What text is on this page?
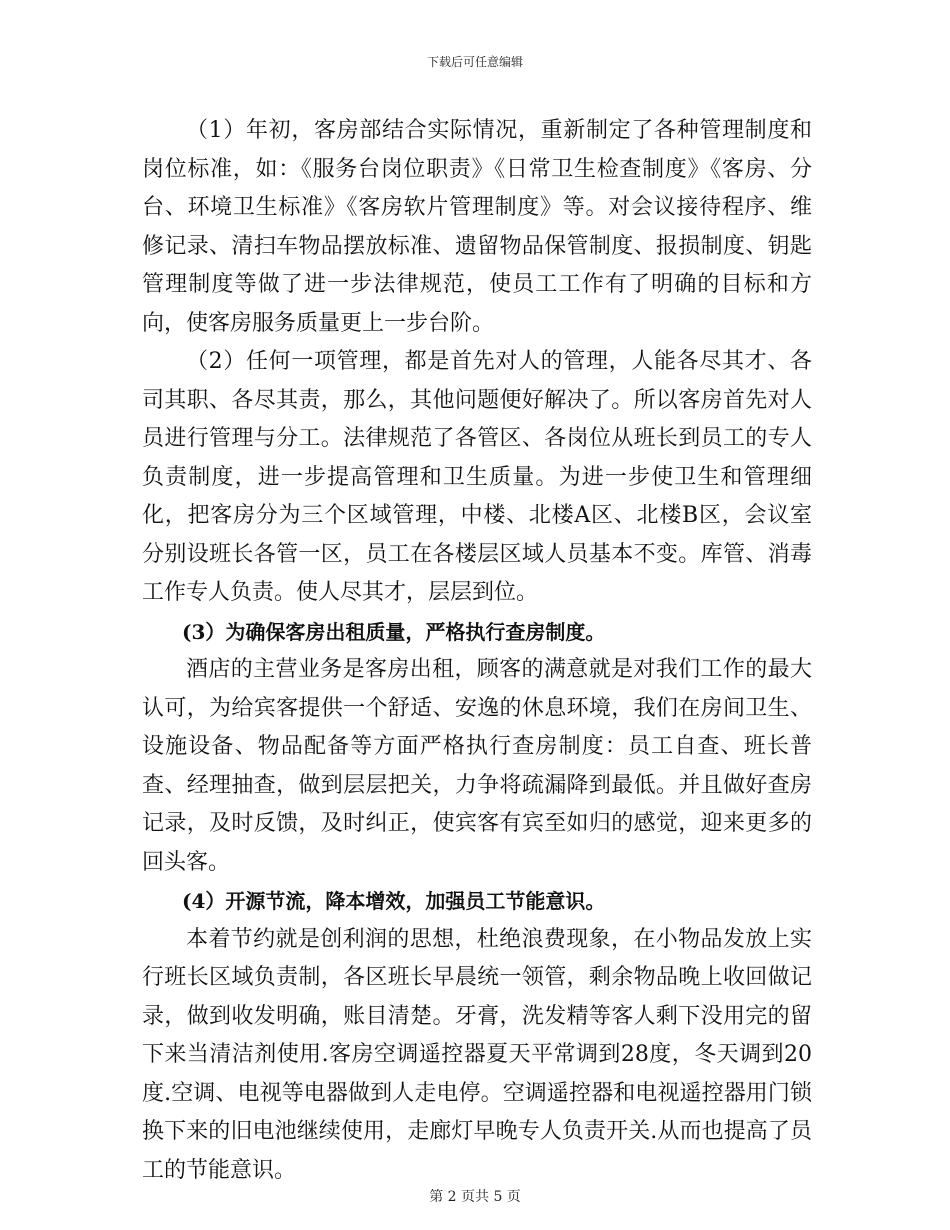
下载后可任意编辑

（1）年初，客房部结合实际情况，重新制定了各种管理制度和岗位标准，如：《服务台岗位职责》《日常卫生检查制度》《客房、分台、环境卫生标准》《客房软片管理制度》等。对会议接待程序、维修记录、清扫车物品摆放标准、遗留物品保管制度、报损制度、钥匙管理制度等做了进一步法律规范，使员工工作有了明确的目标和方向，使客房服务质量更上一步台阶。

（2）任何一项管理，都是首先对人的管理，人能各尽其才、各司其职、各尽其责，那么，其他问题便好解决了。所以客房首先对人员进行管理与分工。法律规范了各管区、各岗位从班长到员工的专人负责制度，进一步提高管理和卫生质量。为进一步使卫生和管理细化，把客房分为三个区域管理，中楼、北楼A区、北楼B区，会议室分别设班长各管一区，员工在各楼层区域人员基本不变。库管、消毒工作专人负责。使人尽其才，层层到位。

(3）为确保客房出租质量，严格执行查房制度。

酒店的主营业务是客房出租，顾客的满意就是对我们工作的最大认可，为给宾客提供一个舒适、安逸的休息环境，我们在房间卫生、设施设备、物品配备等方面严格执行查房制度：员工自查、班长普查、经理抽查，做到层层把关，力争将疏漏降到最低。并且做好查房记录，及时反馈，及时纠正，使宾客有宾至如归的感觉，迎来更多的回头客。

(4）开源节流，降本增效，加强员工节能意识。

本着节约就是创利润的思想，杜绝浪费现象，在小物品发放上实行班长区域负责制，各区班长早晨统一领管，剩余物品晚上收回做记录，做到收发明确，账目清楚。牙膏，洗发精等客人剩下没用完的留下来当清洁剂使用.客房空调遥控器夏天平常调到28度，冬天调到20度.空调、电视等电器做到人走电停。空调遥控器和电视遥控器用门锁换下来的旧电池继续使用，走廊灯早晚专人负责开关.从而也提高了员工的节能意识。

第 2 页共 5 页
